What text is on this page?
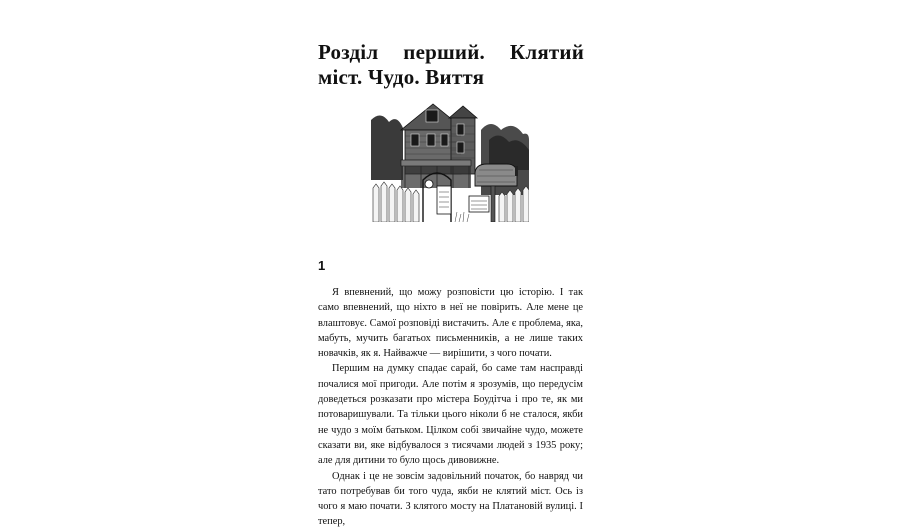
Розділ перший. Клятий міст. Чудо. Виття
1

Я впевнений, що можу розповісти цю історію. І так само впевнений, що ніхто в неї не повірить. Але мене це влаштовує. Самої розповіді вистачить. Але є проблема, яка, мабуть, мучить багатьох письменників, а не лише таких новачків, як я. Найважче — вирішити, з чого почати.

Першим на думку спадає сарай, бо саме там насправді почалися мої пригоди. Але потім я зрозумів, що передусім доведеться розказати про містера Боудітча і про те, як ми потоваришували. Та тільки цього ніколи б не сталося, якби не чудо з моїм батьком. Цілком собі звичайне чудо, можете сказати ви, яке відбувалося з тисячами людей з 1935 року; але для дитини то було щось дивовижне.

Однак і це не зовсім задовільний початок, бо навряд чи тато потребував би того чуда, якби не клятий міст. Ось із чого я маю почати. З клятого мосту на Платановій вулиці. І тепер,
